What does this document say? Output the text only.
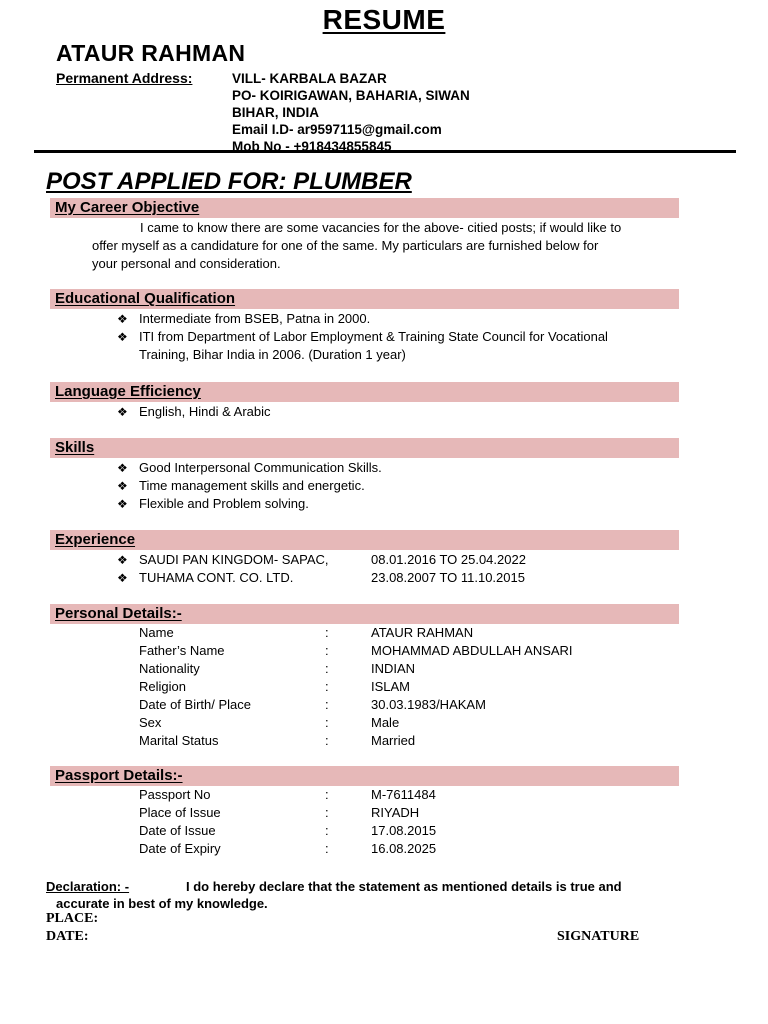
RESUME
ATAUR RAHMAN
Permanent Address:	VILL- KARBALA BAZAR
PO- KOIRIGAWAN, BAHARIA, SIWAN
BIHAR, INDIA
Email I.D- ar9597115@gmail.com
Mob No - +918434855845
POST APPLIED FOR: PLUMBER
My Career Objective
I came to know there are some vacancies for the above- citied posts; if would like to
offer myself as a candidature for one of the same. My particulars are furnished below for
your personal and consideration.
Educational Qualification
❖ Intermediate from BSEB, Patna in 2000.
❖ ITI from Department of Labor Employment & Training State Council for Vocational
Training, Bihar India in 2006. (Duration 1 year)
Language Efficiency
❖ English, Hindi & Arabic
Skills
❖ Good Interpersonal Communication Skills.
❖ Time management skills and energetic.
❖ Flexible and Problem solving.
Experience
❖ SAUDI PAN KINGDOM- SAPAC,	08.01.2016 TO 25.04.2022
❖ TUHAMA CONT. CO. LTD.	23.08.2007 TO 11.10.2015
Personal Details:-
Name	:	ATAUR RAHMAN
Father’s Name	:	MOHAMMAD ABDULLAH ANSARI
Nationality	:	INDIAN
Religion	:	ISLAM
Date of Birth/ Place	:	30.03.1983/HAKAM
Sex	:	Male
Marital Status	:	Married
Passport Details:-
Passport No	:	M-7611484
Place of Issue	:	RIYADH
Date of Issue	:	17.08.2015
Date of Expiry	:	16.08.2025
Declaration: -	I do hereby declare that the statement as mentioned details is true and
accurate in best of my knowledge.
PLACE:
DATE:	SIGNATURE
